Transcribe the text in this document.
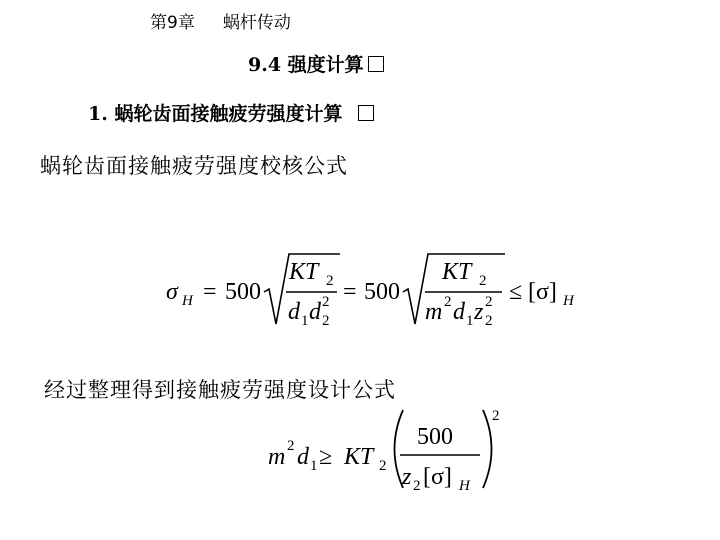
第9章 蜗杆传动
9.4 强度计算
1. 蜗轮齿面接触疲劳强度计算
蜗轮齿面接触疲劳强度校核公式
σ H = 500
KT 2
d 1 d 2
2
= 500
KT 2
m 2 d 1 z 2
2
≤ [σ] H
经过整理得到接触疲劳强度设计公式
m 2 d 1 ≥ KT 2
500
z 2 [σ] H
2
